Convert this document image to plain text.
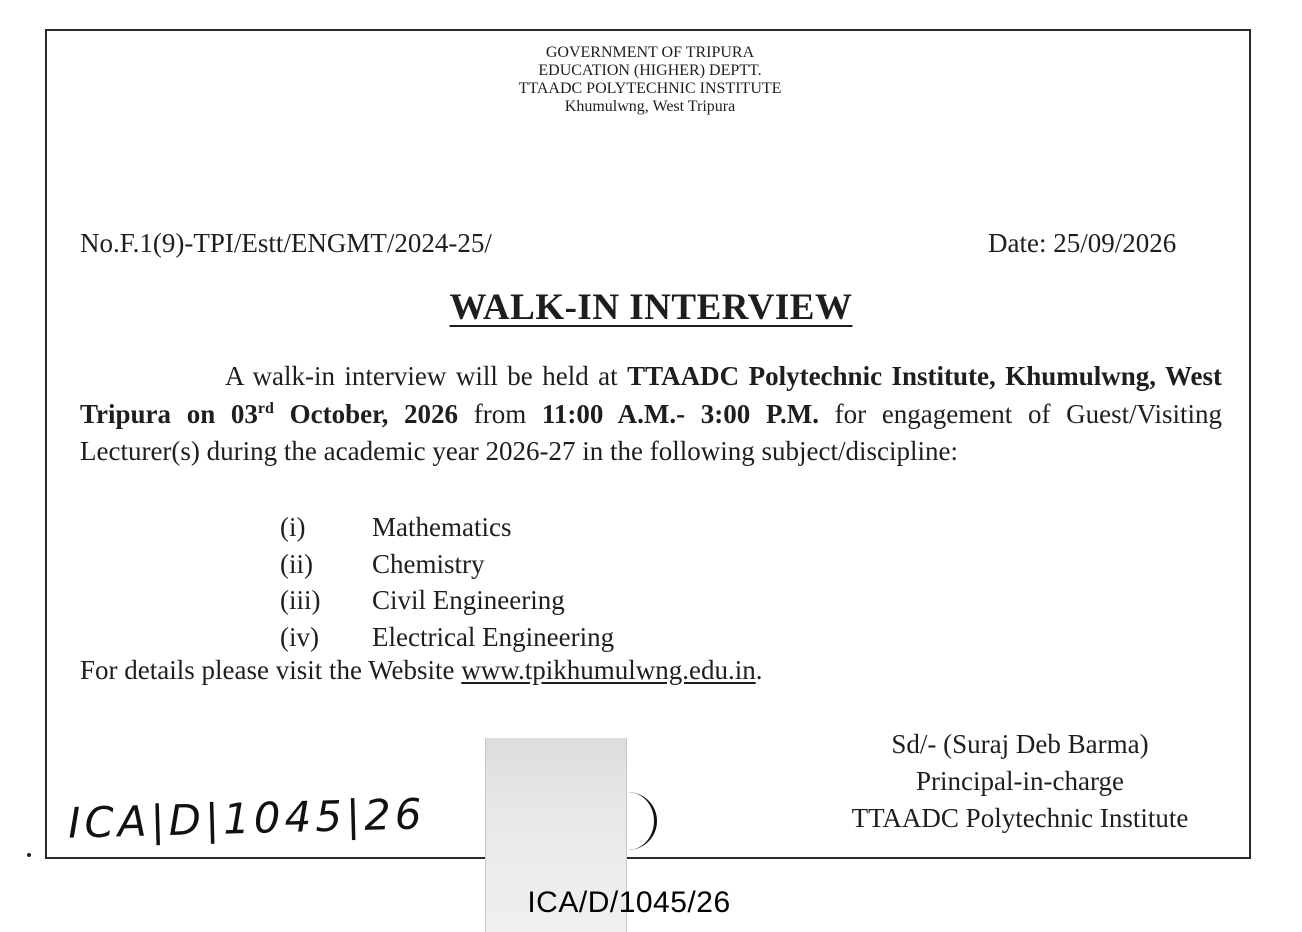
GOVERNMENT OF TRIPURA
EDUCATION (HIGHER) DEPTT.
TTAADC POLYTECHNIC INSTITUTE
Khumulwng, West Tripura
No.F.1(9)-TPI/Estt/ENGMT/2024-25/	Date: 25/09/2026
WALK-IN INTERVIEW
A walk-in interview will be held at TTAADC Polytechnic Institute, Khumulwng, West Tripura on 03rd October, 2026 from 11:00 A.M.- 3:00 P.M. for engagement of Guest/Visiting Lecturer(s) during the academic year 2026-27 in the following subject/discipline:
(i)	Mathematics
(ii)	Chemistry
(iii)	Civil Engineering
(iv)	Electrical Engineering
For details please visit the Website www.tpikhumulwng.edu.in.
Sd/- (Suraj Deb Barma)
Principal-in-charge
TTAADC Polytechnic Institute
ICA|D|1045|26
ICA/D/1045/26
